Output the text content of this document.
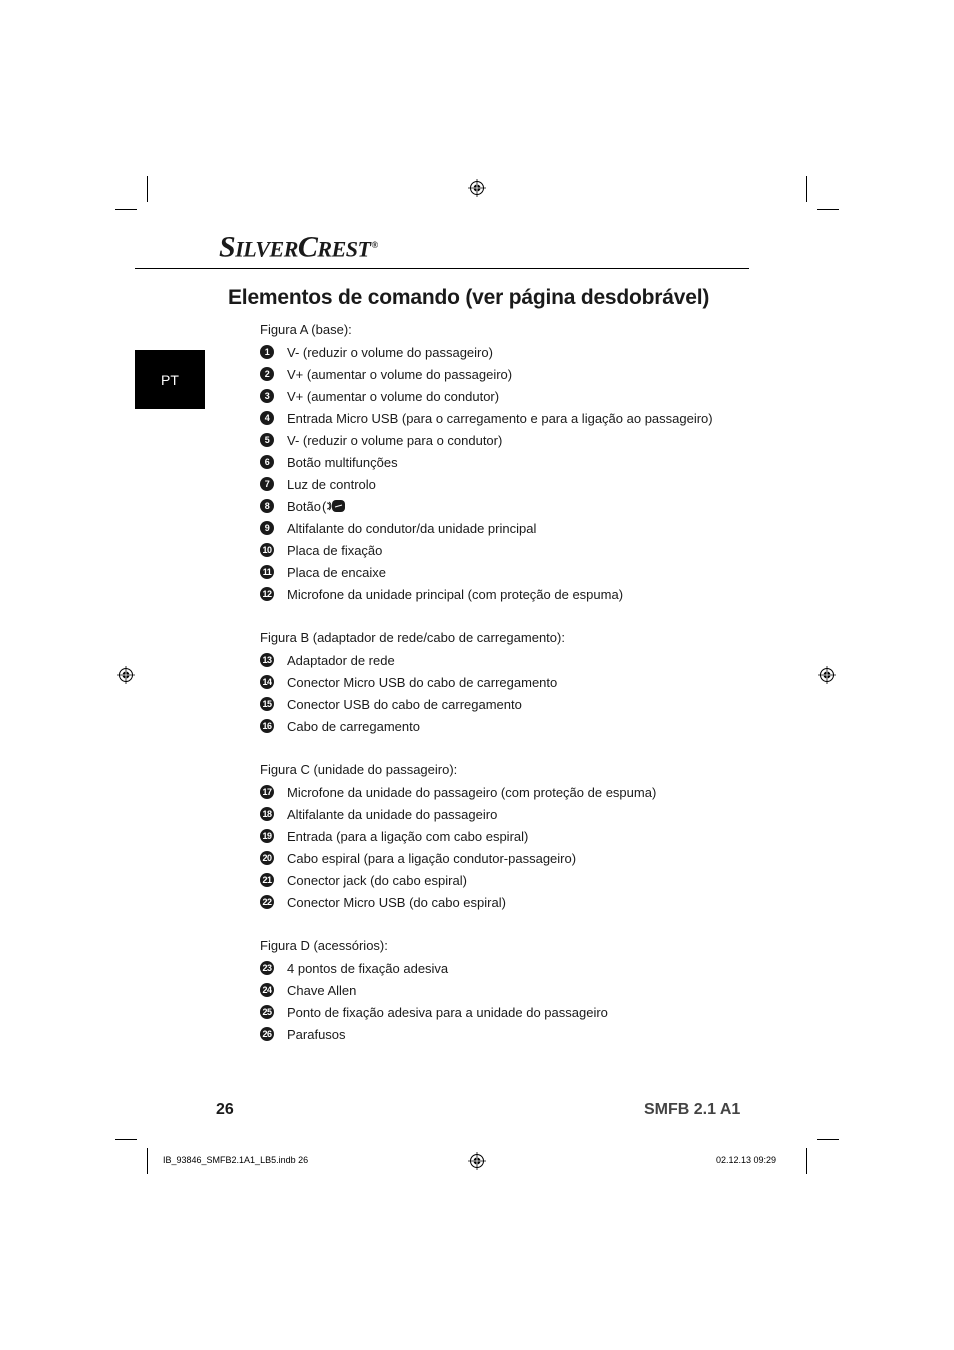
SILVERCREST®
Elementos de comando (ver página desdobrável)
PT
Figura A (base):
1	V- (reduzir o volume do passageiro)
2	V+ (aumentar o volume do passageiro)
3	V+ (aumentar o volume do condutor)
4	Entrada Micro USB (para o carregamento e para a ligação ao passageiro)
5	V- (reduzir o volume para o condutor)
6	Botão multifunções
7	Luz de controlo
8	Botão (
9	Altifalante do condutor/da unidade principal
10 Placa de fixação
11 Placa de encaixe
12 Microfone da unidade principal (com proteção de espuma)
Figura B (adaptador de rede/cabo de carregamento):
13 Adaptador de rede
14 Conector Micro USB do cabo de carregamento
15 Conector USB do cabo de carregamento
16 Cabo de carregamento
Figura C (unidade do passageiro):
17 Microfone da unidade do passageiro (com proteção de espuma)
18 Altifalante da unidade do passageiro
19 Entrada (para a ligação com cabo espiral)
20 Cabo espiral (para a ligação condutor-passageiro)
21 Conector jack (do cabo espiral)
22 Conector Micro USB (do cabo espiral)
Figura D (acessórios):
23 4 pontos de fixação adesiva
24 Chave Allen
25 Ponto de fixação adesiva para a unidade do passageiro
26 Parafusos
26	SMFB 2.1 A1
IB_93846_SMFB2.1A1_LB5.indb 26	02.12.13 09:29
